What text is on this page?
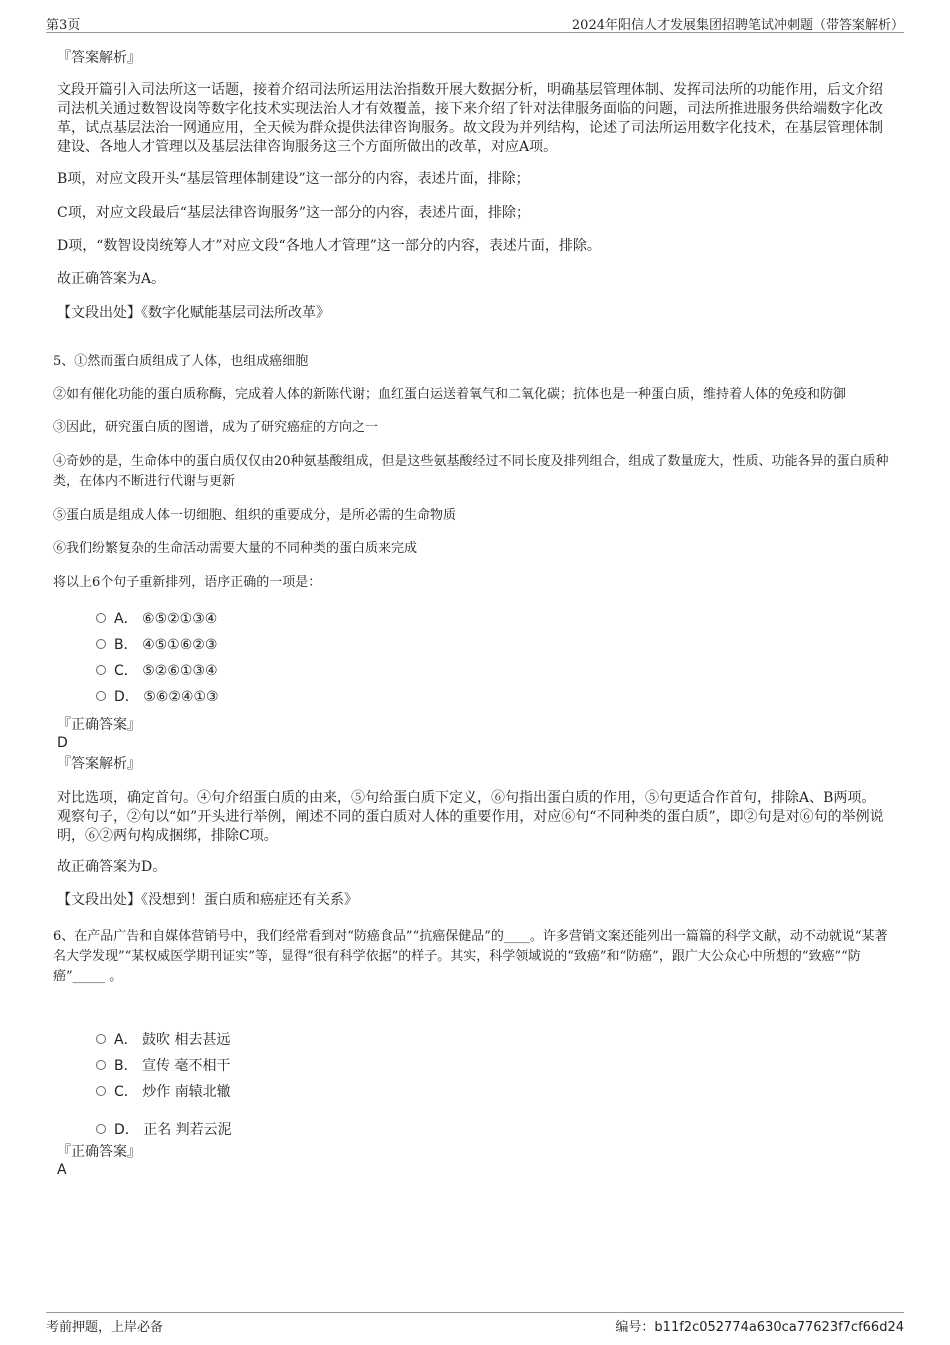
第3页	2024年阳信人才发展集团招聘笔试冲刺题（带答案解析）

『答案解析』

文段开篇引入司法所这一话题，接着介绍司法所运用法治指数开展大数据分析，明确基层管理体制、发挥司法所的功能作用，后文介绍司法机关通过数智设岗等数字化技术实现法治人才有效覆盖，接下来介绍了针对法律服务面临的问题，司法所推进服务供给端数字化改革，试点基层法治一网通应用，全天候为群众提供法律咨询服务。故文段为并列结构，论述了司法所运用数字化技术，在基层管理体制建设、各地人才管理以及基层法律咨询服务这三个方面所做出的改革，对应A项。

B项，对应文段开头“基层管理体制建设”这一部分的内容，表述片面，排除；

C项，对应文段最后“基层法律咨询服务”这一部分的内容，表述片面，排除；

D项，“数智设岗统筹人才”对应文段“各地人才管理”这一部分的内容，表述片面，排除。

故正确答案为A。

【文段出处】《数字化赋能基层司法所改革》

5、①然而蛋白质组成了人体，也组成癌细胞

②如有催化功能的蛋白质称酶，完成着人体的新陈代谢；血红蛋白运送着氧气和二氧化碳；抗体也是一种蛋白质，维持着人体的免疫和防御

③因此，研究蛋白质的图谱，成为了研究癌症的方向之一

④奇妙的是，生命体中的蛋白质仅仅由20种氨基酸组成，但是这些氨基酸经过不同长度及排列组合，组成了数量庞大，性质、功能各异的蛋白质种类，在体内不断进行代谢与更新

⑤蛋白质是组成人体一切细胞、组织的重要成分，是所必需的生命物质

⑥我们纷繁复杂的生命活动需要大量的不同种类的蛋白质来完成

将以上6个句子重新排列，语序正确的一项是：

A． ⑥⑤②①③④
B． ④⑤①⑥②③
C． ⑤②⑥①③④
D． ⑤⑥②④①③

『正确答案』

D

『答案解析』

对比选项，确定首句。④句介绍蛋白质的由来，⑤句给蛋白质下定义，⑥句指出蛋白质的作用，⑤句更适合作首句，排除A、B两项。观察句子，②句以“如”开头进行举例，阐述不同的蛋白质对人体的重要作用，对应⑥句“不同种类的蛋白质”，即②句是对⑥句的举例说明，⑥②两句构成捆绑，排除C项。

故正确答案为D。

【文段出处】《没想到！蛋白质和癌症还有关系》

6、在产品广告和自媒体营销号中，我们经常看到对“防癌食品”“抗癌保健品”的____。许多营销文案还能列出一篇篇的科学文献，动不动就说“某著名大学发现”“某权威医学期刊证实”等，显得“很有科学依据”的样子。其实，科学领域说的“致癌”和“防癌”，跟广大公众心中所想的“致癌”“防癌”_____ 。

A． 鼓吹 相去甚远
B． 宣传 毫不相干
C． 炒作 南辕北辙
D． 正名 判若云泥

『正确答案』

A

考前押题，上岸必备	编号：b11f2c052774a630ca77623f7cf66d24
